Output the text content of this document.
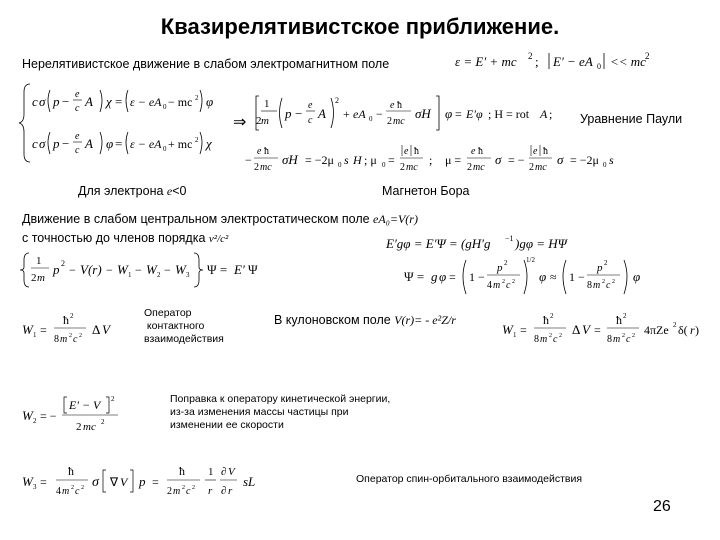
Квазирелятивистское приближение.
Нерелятивистское движение в слабом электромагнитном поле	ε = E′ + mc 2 ; E′ − eA 0 << mc 2
c σ p − e
c A χ = ε − eA 0 − mc 2 φ
c σ p − e
c A φ = ε − eA 0 + mc 2 χ
⇒
1
m
2 p −
e
c A
2
+ eA 0 −
e ħ
2 mc
σH φ = E′φ ; H = rot A ; Уравнение Паули
−
e ħ
2 mc
σH = −2μ 0 s H ; μ 0 =
e ħ
2 mc
; μ =
e ħ
2 mc
σ = −
e ħ
2 mc
σ = −2μ 0 s
Для электрона e<0	Магнетон Бора
Движение в слабом центральном электростатическом поле eA₀=V(r)
с точностью до членов порядка v²/c²	E′gφ = E′Ψ = (gH′g −1 )gφ = HΨ
1
2 m
p 2 − V(r) − W 1 − W 2 − W 3 Ψ = E′ Ψ	Ψ = g φ = 1 −
p 2
4 m 2 c 2
1/2
φ ≈ 1 −
p 2
8 m 2 c 2 φ
W 1 =
ħ 2
8 m 2 c 2 Δ V
Оператор
контактного
взаимодействия
В кулоновском поле V(r)= - e²Z/r
W 1 =
ħ 2
8 m 2 c 2 Δ V =
ħ 2
8 m 2 c 2 4πZe 2 δ( r )
W 2 = −
E′ − V 2
2 mc 2
Поправка к оператору кинетической энергии,
из-за изменения массы частицы при
изменении ее скорости
W 3 =
ħ
4 m 2 c 2 σ ∇ V p =
ħ
2 m 2 c 2
1
r
∂ V
∂ r
sL	Оператор спин-орбитального взаимодействия
26
